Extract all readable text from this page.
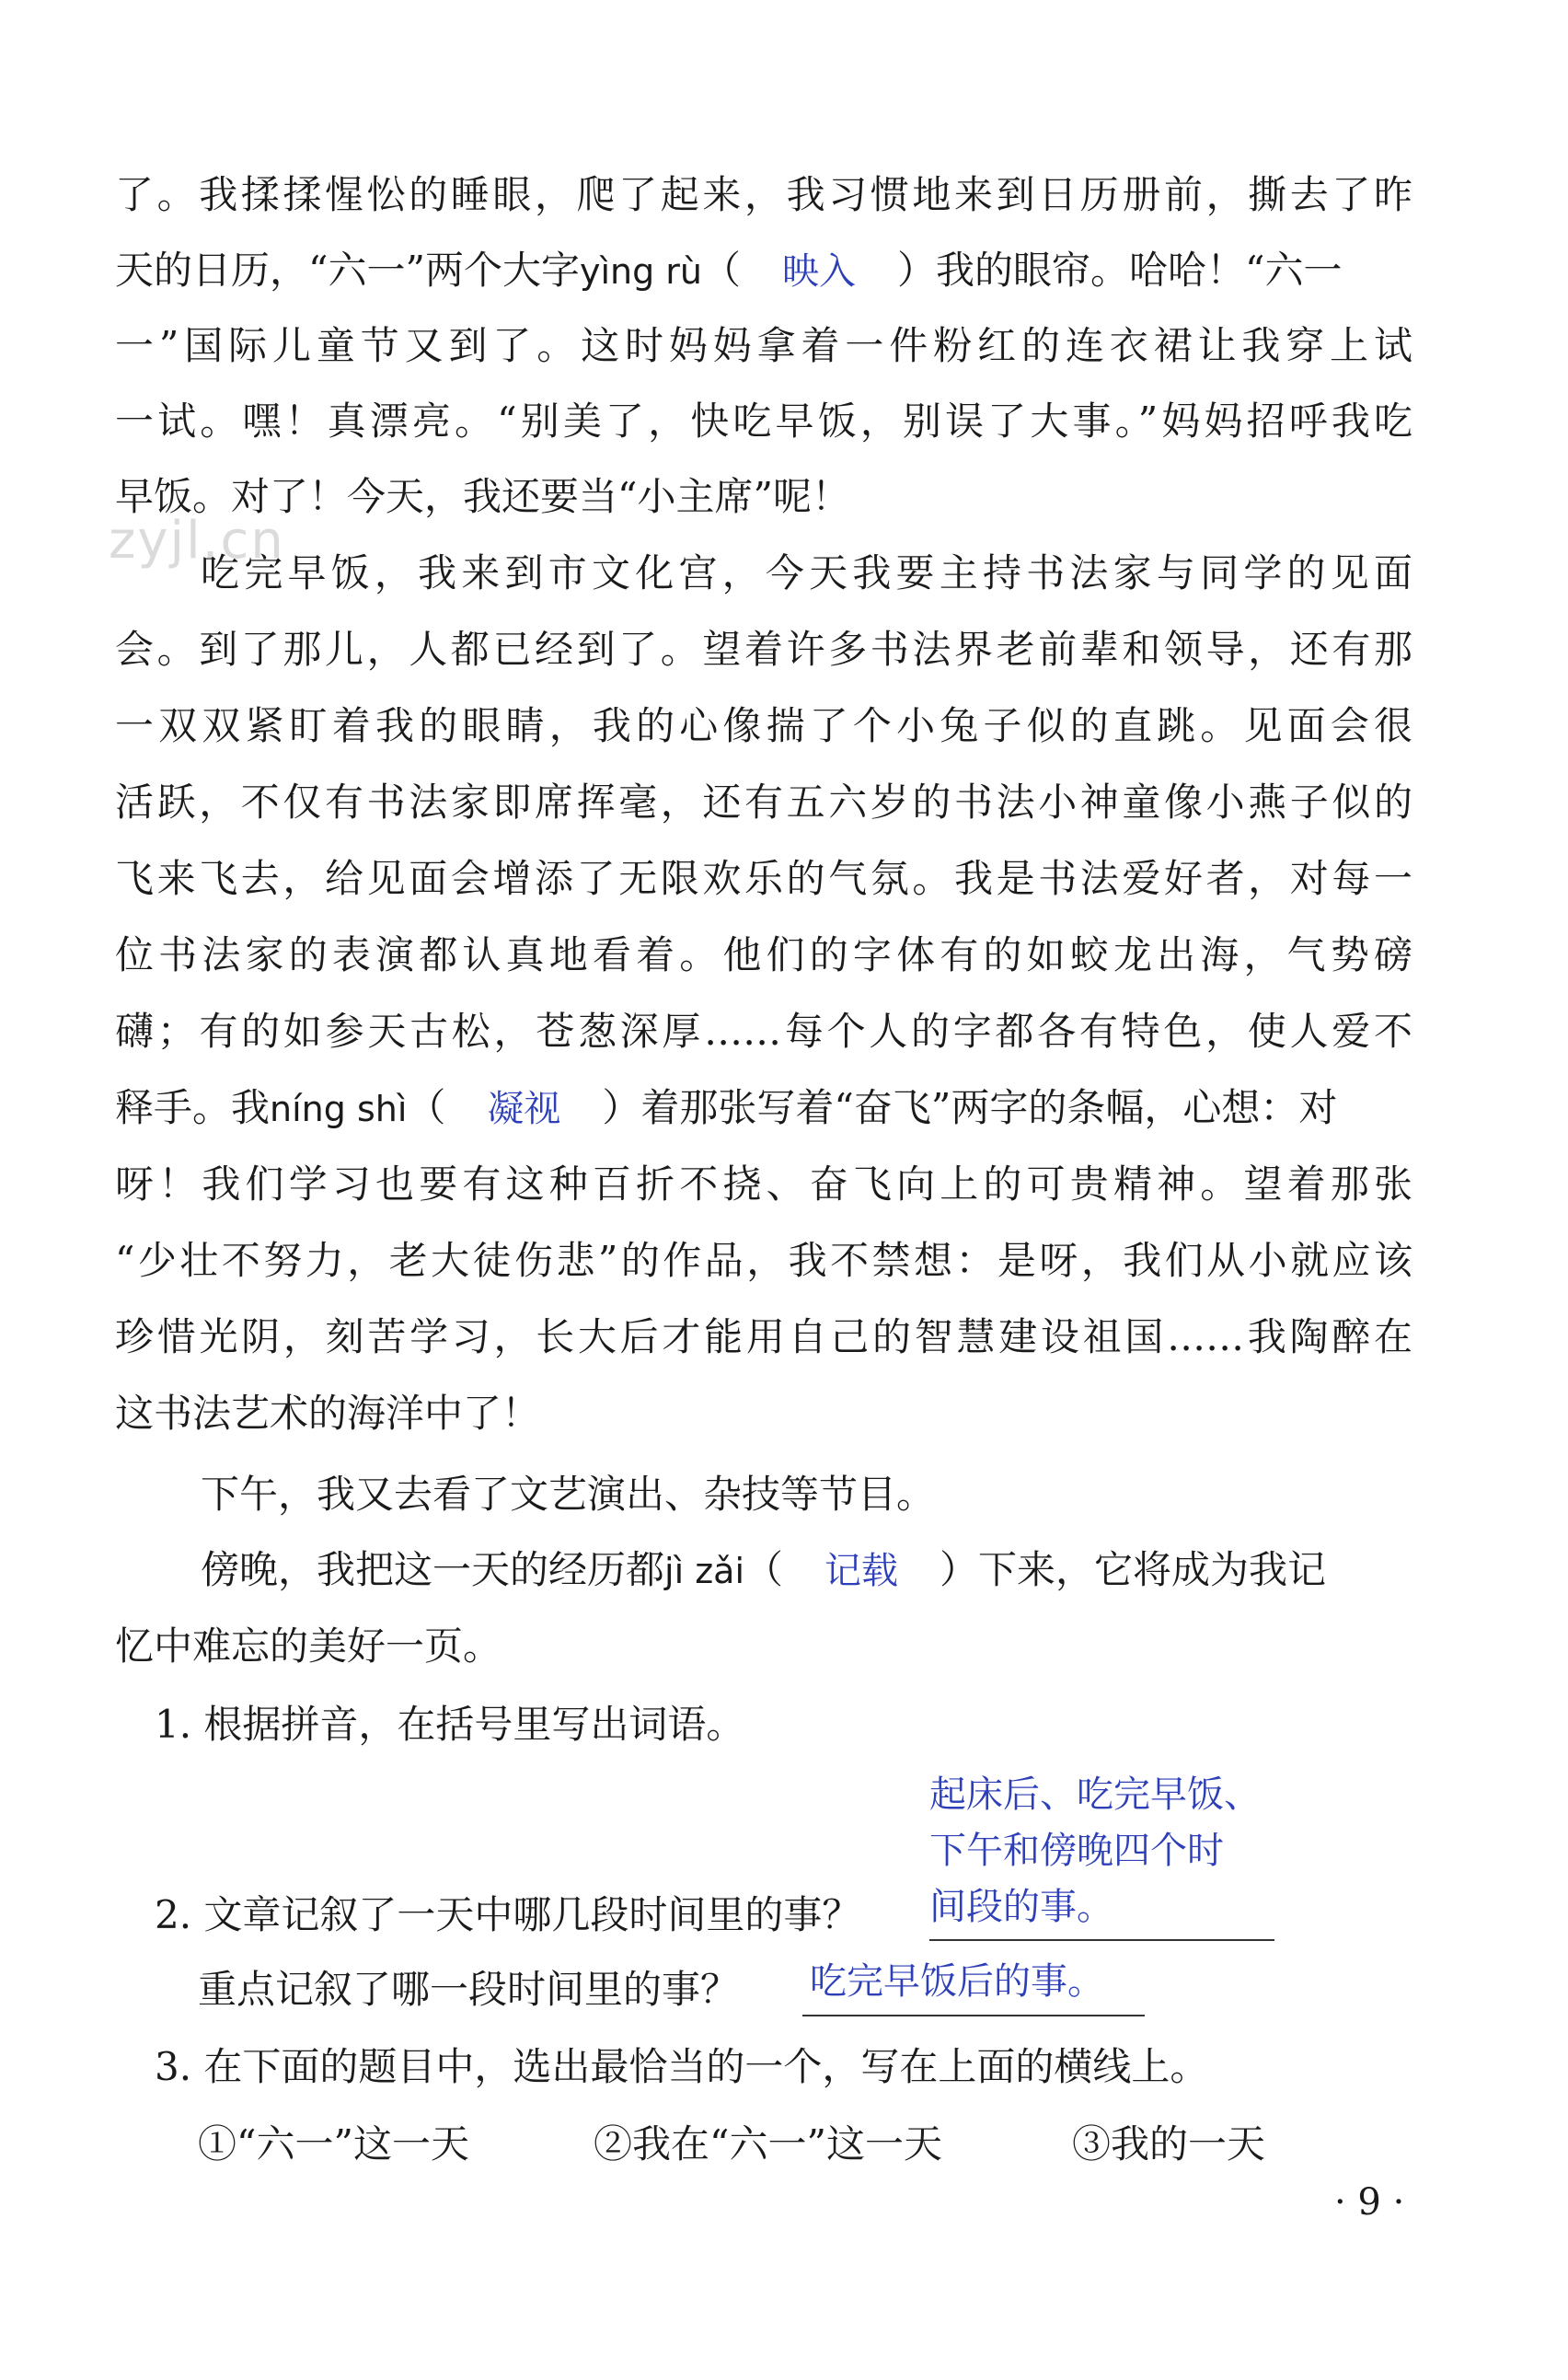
zyjl.cn
了。我揉揉惺忪的睡眼，爬了起来，我习惯地来到日历册前，撕去了昨
天的日历，“六一”两个大字yìng rù（ 映入 ）我的眼帘。哈哈！“六一
一”国际儿童节又到了。这时妈妈拿着一件粉红的连衣裙让我穿上试
一试。嘿！真漂亮。“别美了，快吃早饭，别误了大事。”妈妈招呼我吃
早饭。对了！今天，我还要当“小主席”呢！
吃完早饭，我来到市文化宫，今天我要主持书法家与同学的见面
会。到了那儿，人都已经到了。望着许多书法界老前辈和领导，还有那
一双双紧盯着我的眼睛，我的心像揣了个小兔子似的直跳。见面会很
活跃，不仅有书法家即席挥毫，还有五六岁的书法小神童像小燕子似的
飞来飞去，给见面会增添了无限欢乐的气氛。我是书法爱好者，对每一
位书法家的表演都认真地看着。他们的字体有的如蛟龙出海，气势磅
礴；有的如参天古松，苍葱深厚……每个人的字都各有特色，使人爱不
释手。我níng shì（ 凝视 ）着那张写着“奋飞”两字的条幅，心想：对
呀！我们学习也要有这种百折不挠、奋飞向上的可贵精神。望着那张
“少壮不努力，老大徒伤悲”的作品，我不禁想：是呀，我们从小就应该
珍惜光阴，刻苦学习，长大后才能用自己的智慧建设祖国……我陶醉在
这书法艺术的海洋中了！
下午，我又去看了文艺演出、杂技等节目。
傍晚，我把这一天的经历都jì zǎi（ 记载 ）下来，它将成为我记
忆中难忘的美好一页。
1. 根据拼音，在括号里写出词语。
起床后、吃完早饭、
下午和傍晚四个时
2. 文章记叙了一天中哪几段时间里的事？	间段的事。
重点记叙了哪一段时间里的事？	吃完早饭后的事。
3. 在下面的题目中，选出最恰当的一个，写在上面的横线上。
①“六一”这一天	②我在“六一”这一天	③我的一天
· 9 ·
